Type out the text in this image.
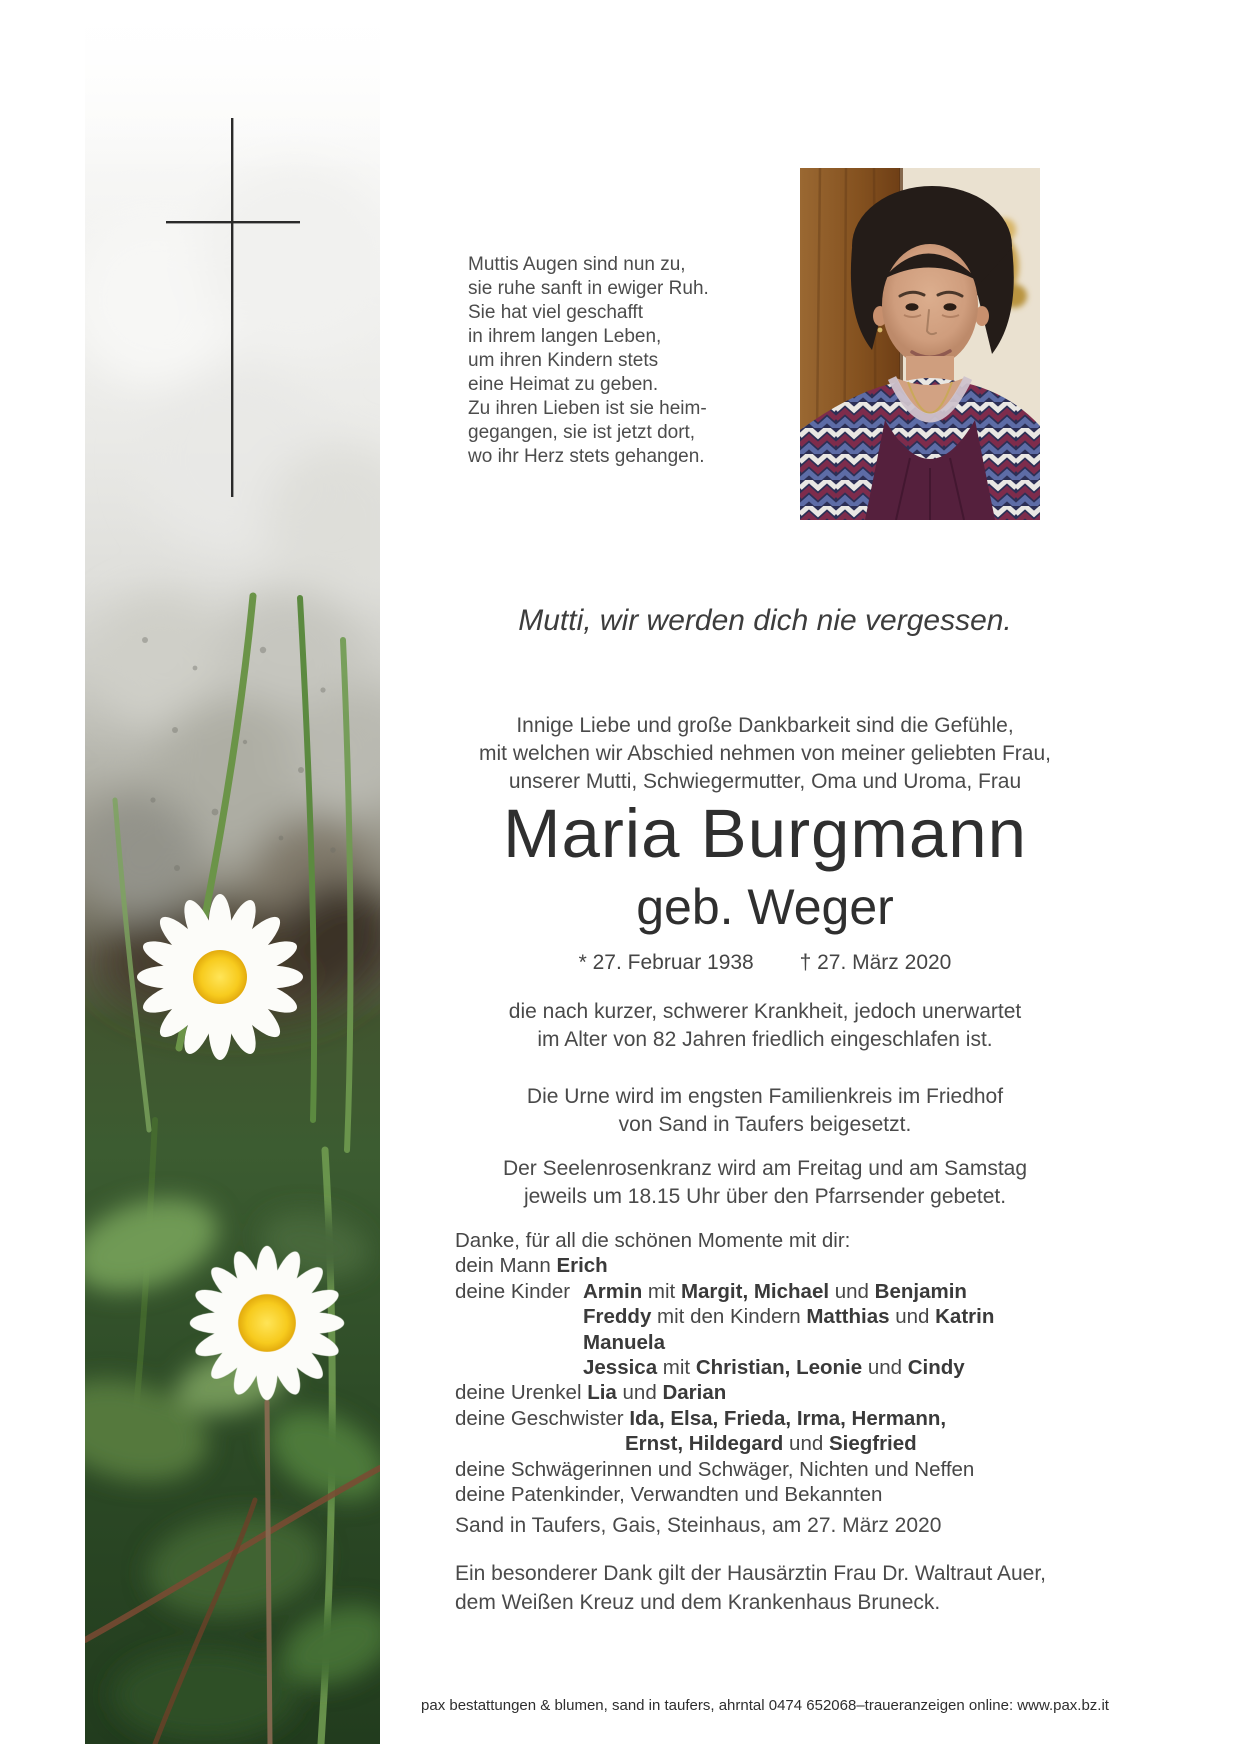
Muttis Augen sind nun zu,
sie ruhe sanft in ewiger Ruh.
Sie hat viel geschafft
in ihrem langen Leben,
um ihren Kindern stets
eine Heimat zu geben.
Zu ihren Lieben ist sie heim-
gegangen, sie ist jetzt dort,
wo ihr Herz stets gehangen.
Mutti, wir werden dich nie vergessen.
Innige Liebe und große Dankbarkeit sind die Gefühle,
mit welchen wir Abschied nehmen von meiner geliebten Frau,
unserer Mutti, Schwiegermutter, Oma und Uroma, Frau
Maria Burgmann
geb. Weger
* 27. Februar 1938 † 27. März 2020
die nach kurzer, schwerer Krankheit, jedoch unerwartet
im Alter von 82 Jahren friedlich eingeschlafen ist.
Die Urne wird im engsten Familienkreis im Friedhof
von Sand in Taufers beigesetzt.
Der Seelenrosenkranz wird am Freitag und am Samstag
jeweils um 18.15 Uhr über den Pfarrsender gebetet.
Danke, für all die schönen Momente mit dir:
dein Mann Erich
deine Kinder Armin mit Margit, Michael und Benjamin
Freddy mit den Kindern Matthias und Katrin
Manuela
Jessica mit Christian, Leonie und Cindy
deine Urenkel Lia und Darian
deine Geschwister Ida, Elsa, Frieda, Irma, Hermann,
Ernst, Hildegard und Siegfried
deine Schwägerinnen und Schwäger, Nichten und Neffen
deine Patenkinder, Verwandten und Bekannten
Sand in Taufers, Gais, Steinhaus, am 27. März 2020
Ein besonderer Dank gilt der Hausärztin Frau Dr. Waltraut Auer,
dem Weißen Kreuz und dem Krankenhaus Bruneck.
pax bestattungen & blumen, sand in taufers, ahrntal 0474 652068–traueranzeigen online: www.pax.bz.it
